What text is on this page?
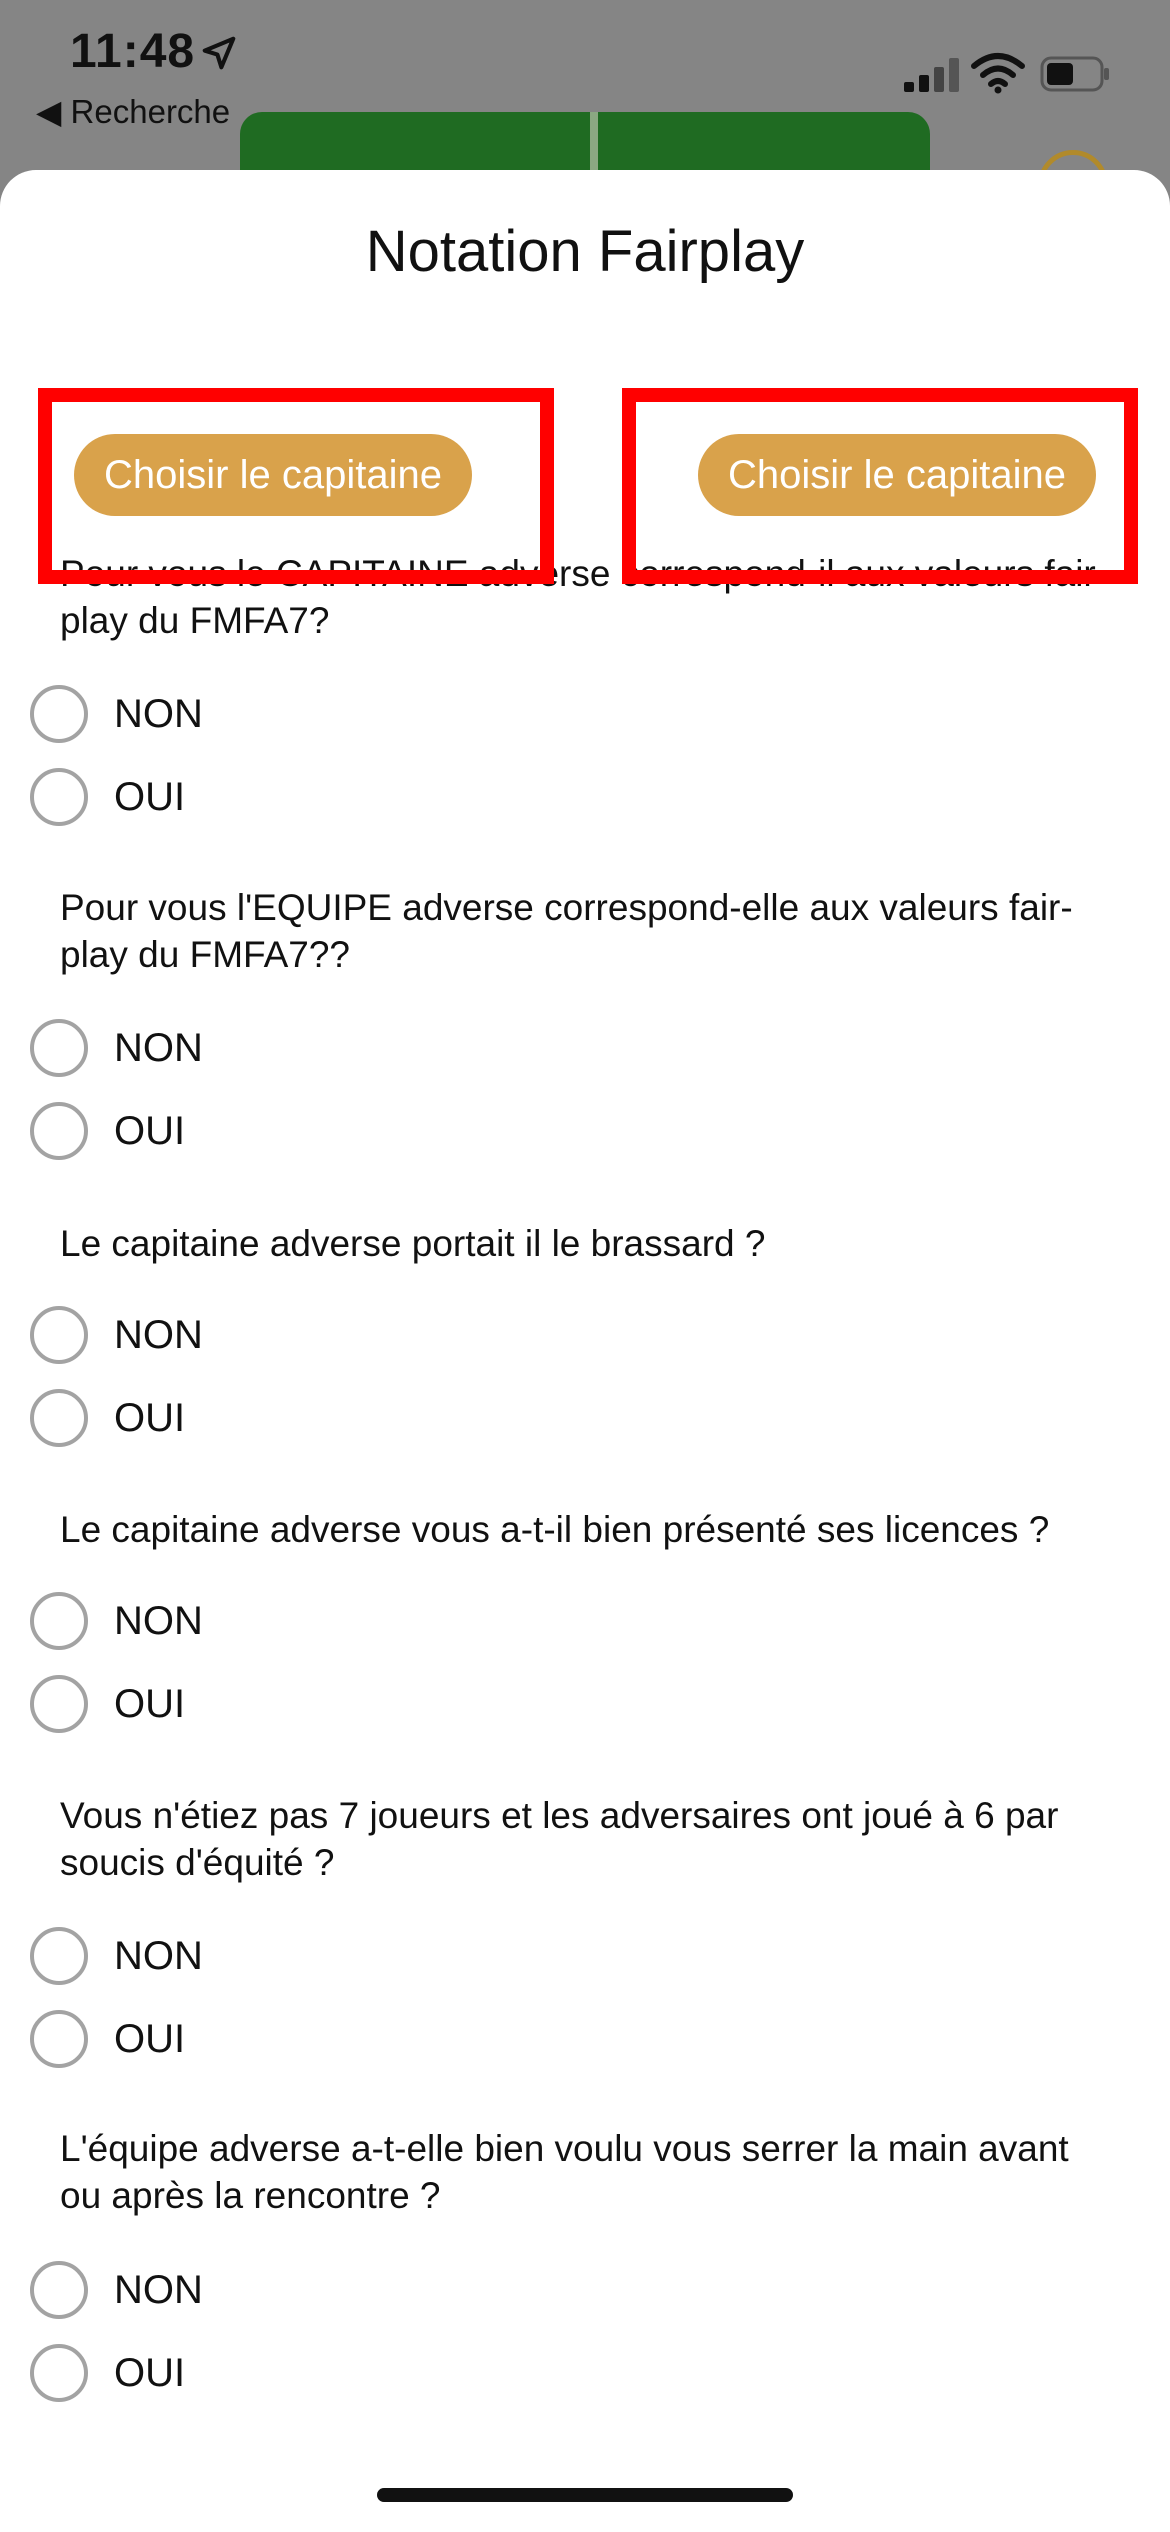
11:48
◀ Recherche
Notation Fairplay
Choisir le capitaine	Choisir le capitaine
Pour vous le CAPITAINE adverse correspond-il aux valeurs fair-play du FMFA7?
NON
OUI
Pour vous l'EQUIPE adverse correspond-elle aux valeurs fair-play du FMFA7??
NON
OUI
Le capitaine adverse portait il le brassard ?
NON
OUI
Le capitaine adverse vous a-t-il bien présenté ses licences ?
NON
OUI
Vous n'étiez pas 7 joueurs et les adversaires ont joué à 6 par soucis d'équité ?
NON
OUI
L'équipe adverse a-t-elle bien voulu vous serrer la main avant ou après la rencontre ?
NON
OUI
